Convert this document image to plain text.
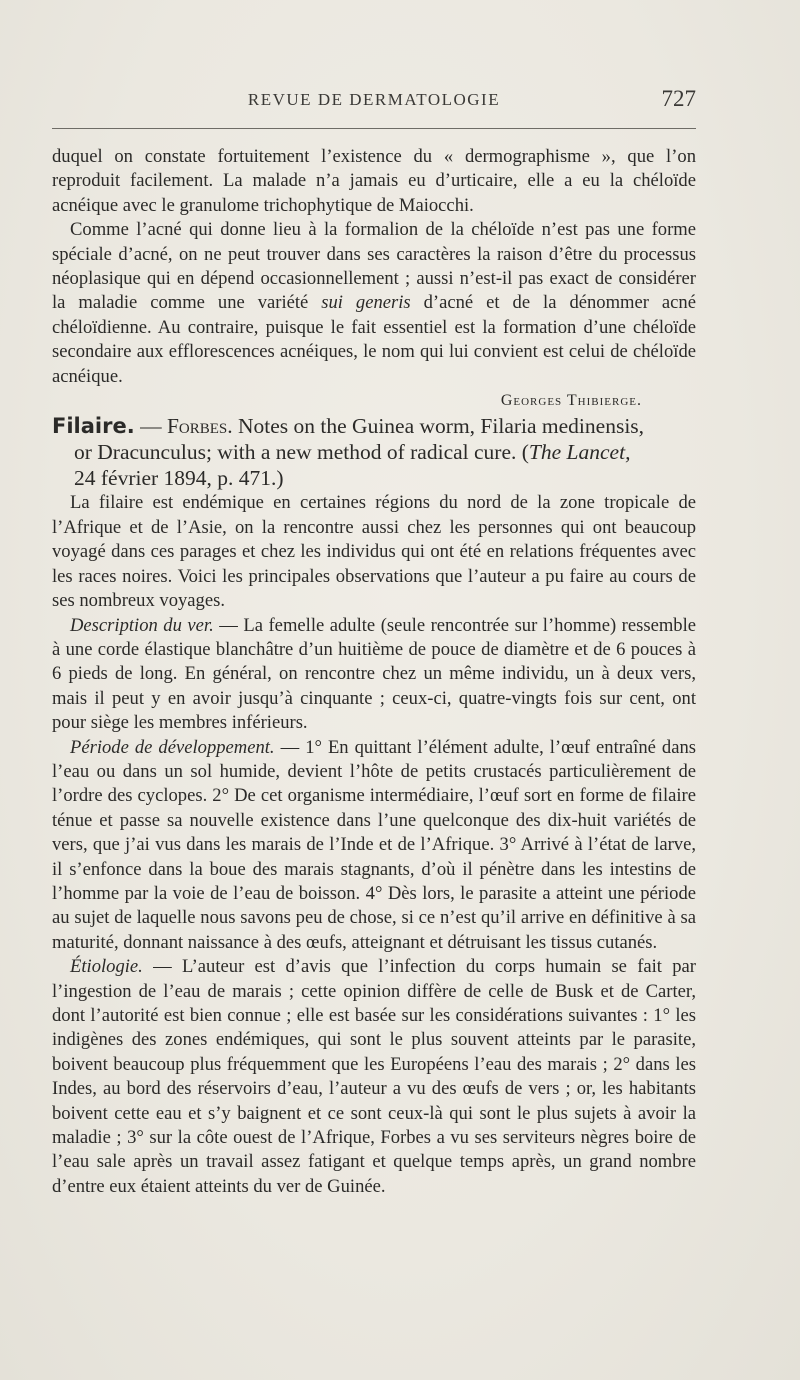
REVUE DE DERMATOLOGIE	727

duquel on constate fortuitement l’existence du « dermographisme », que l’on reproduit facilement. La malade n’a jamais eu d’urticaire, elle a eu la chéloïde acnéique avec le granulome trichophytique de Maiocchi.

Comme l’acné qui donne lieu à la formalion de la chéloïde n’est pas une forme spéciale d’acné, on ne peut trouver dans ses caractères la raison d’être du processus néoplasique qui en dépend occasionnellement ; aussi n’est-il pas exact de considérer la maladie comme une variété sui generis d’acné et de la dénommer acné chéloïdienne. Au contraire, puisque le fait essentiel est la formation d’une chéloïde secondaire aux efflorescences acnéiques, le nom qui lui convient est celui de chéloïde acnéique.

Georges Thibierge.

Filaire. — Forbes. Notes on the Guinea worm, Filaria medinensis,
or Dracunculus; with a new method of radical cure. (The Lancet,
24 février 1894, p. 471.)

La filaire est endémique en certaines régions du nord de la zone tropicale de l’Afrique et de l’Asie, on la rencontre aussi chez les personnes qui ont beaucoup voyagé dans ces parages et chez les individus qui ont été en relations fréquentes avec les races noires. Voici les principales observations que l’auteur a pu faire au cours de ses nombreux voyages.

Description du ver. — La femelle adulte (seule rencontrée sur l’homme) ressemble à une corde élastique blanchâtre d’un huitième de pouce de diamètre et de 6 pouces à 6 pieds de long. En général, on rencontre chez un même individu, un à deux vers, mais il peut y en avoir jusqu’à cinquante ; ceux-ci, quatre-vingts fois sur cent, ont pour siège les membres inférieurs.

Période de développement. — 1° En quittant l’élément adulte, l’œuf entraîné dans l’eau ou dans un sol humide, devient l’hôte de petits crustacés particulièrement de l’ordre des cyclopes. 2° De cet organisme intermédiaire, l’œuf sort en forme de filaire ténue et passe sa nouvelle existence dans l’une quelconque des dix-huit variétés de vers, que j’ai vus dans les marais de l’Inde et de l’Afrique. 3° Arrivé à l’état de larve, il s’enfonce dans la boue des marais stagnants, d’où il pénètre dans les intestins de l’homme par la voie de l’eau de boisson. 4° Dès lors, le parasite a atteint une période au sujet de laquelle nous savons peu de chose, si ce n’est qu’il arrive en définitive à sa maturité, donnant naissance à des œufs, atteignant et détruisant les tissus cutanés.

Étiologie. — L’auteur est d’avis que l’infection du corps humain se fait par l’ingestion de l’eau de marais ; cette opinion diffère de celle de Busk et de Carter, dont l’autorité est bien connue ; elle est basée sur les considérations suivantes : 1° les indigènes des zones endémiques, qui sont le plus souvent atteints par le parasite, boivent beaucoup plus fréquemment que les Européens l’eau des marais ; 2° dans les Indes, au bord des réservoirs d’eau, l’auteur a vu des œufs de vers ; or, les habitants boivent cette eau et s’y baignent et ce sont ceux-là qui sont le plus sujets à avoir la maladie ; 3° sur la côte ouest de l’Afrique, Forbes a vu ses serviteurs nègres boire de l’eau sale après un travail assez fatigant et quelque temps après, un grand nombre d’entre eux étaient atteints du ver de Guinée.
